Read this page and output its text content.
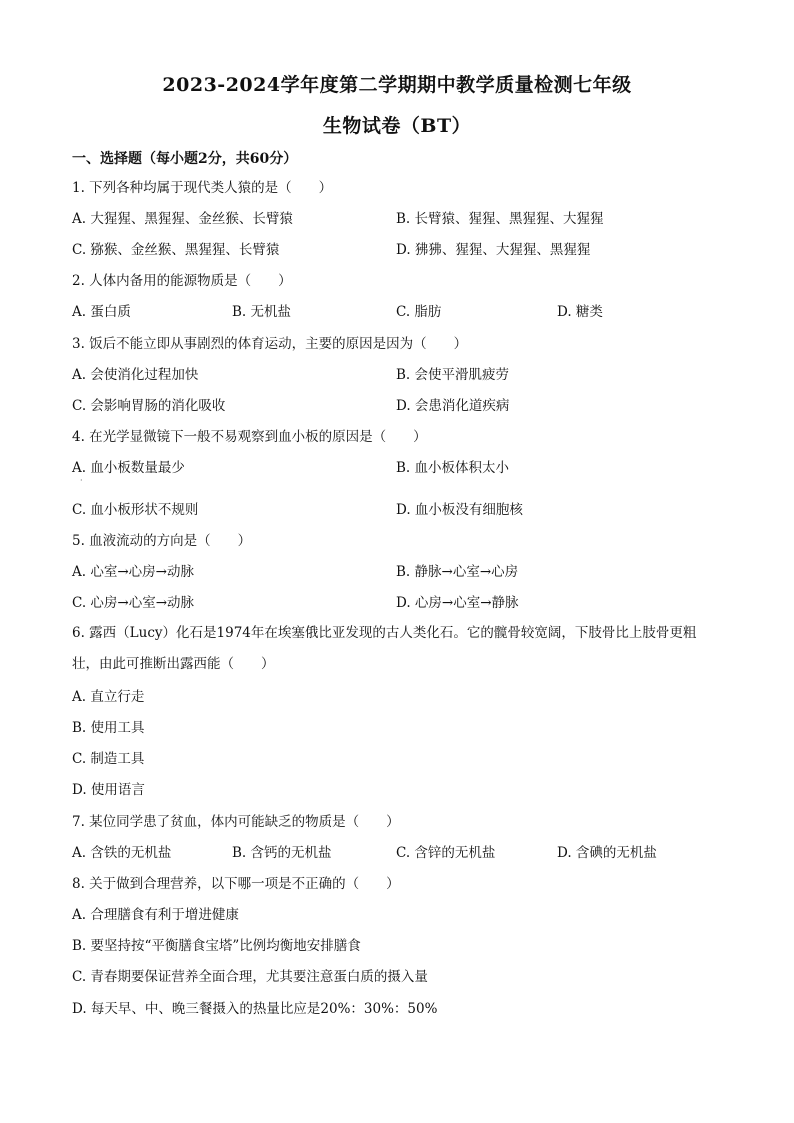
2023-2024学年度第二学期期中教学质量检测七年级
生物试卷（BT）
一、选择题（每小题2分，共60分）
1. 下列各种均属于现代类人猿的是（　　）
A. 大猩猩、黑猩猩、金丝猴、长臂猿	B. 长臂猿、猩猩、黑猩猩、大猩猩
C. 猕猴、金丝猴、黑猩猩、长臂猿	D. 狒狒、猩猩、大猩猩、黑猩猩
2. 人体内备用的能源物质是（　　）
A. 蛋白质	B. 无机盐	C. 脂肪	D. 糖类
3. 饭后不能立即从事剧烈的体育运动，主要的原因是因为（　　）
A. 会使消化过程加快	B. 会使平滑肌疲劳
C. 会影响胃肠的消化吸收	D. 会患消化道疾病
4. 在光学显微镜下一般不易观察到血小板的原因是（　　）
A. 血小板数量最少	B. 血小板体积太小
C. 血小板形状不规则	D. 血小板没有细胞核
5. 血液流动的方向是（　　）
A. 心室→心房→动脉	B. 静脉→心室→心房
C. 心房→心室→动脉	D. 心房→心室→静脉
6. 露西（Lucy）化石是1974年在埃塞俄比亚发现的古人类化石。它的髋骨较宽阔，下肢骨比上肢骨更粗壮，由此可推断出露西能（　　）
A. 直立行走
B. 使用工具
C. 制造工具
D. 使用语言
7. 某位同学患了贫血，体内可能缺乏的物质是（　　）
A. 含铁的无机盐	B. 含钙的无机盐	C. 含锌的无机盐	D. 含碘的无机盐
8. 关于做到合理营养，以下哪一项是不正确的（　　）
A. 合理膳食有利于增进健康
B. 要坚持按“平衡膳食宝塔”比例均衡地安排膳食
C. 青春期要保证营养全面合理，尤其要注意蛋白质的摄入量
D. 每天早、中、晚三餐摄入的热量比应是20%：30%：50%
·
